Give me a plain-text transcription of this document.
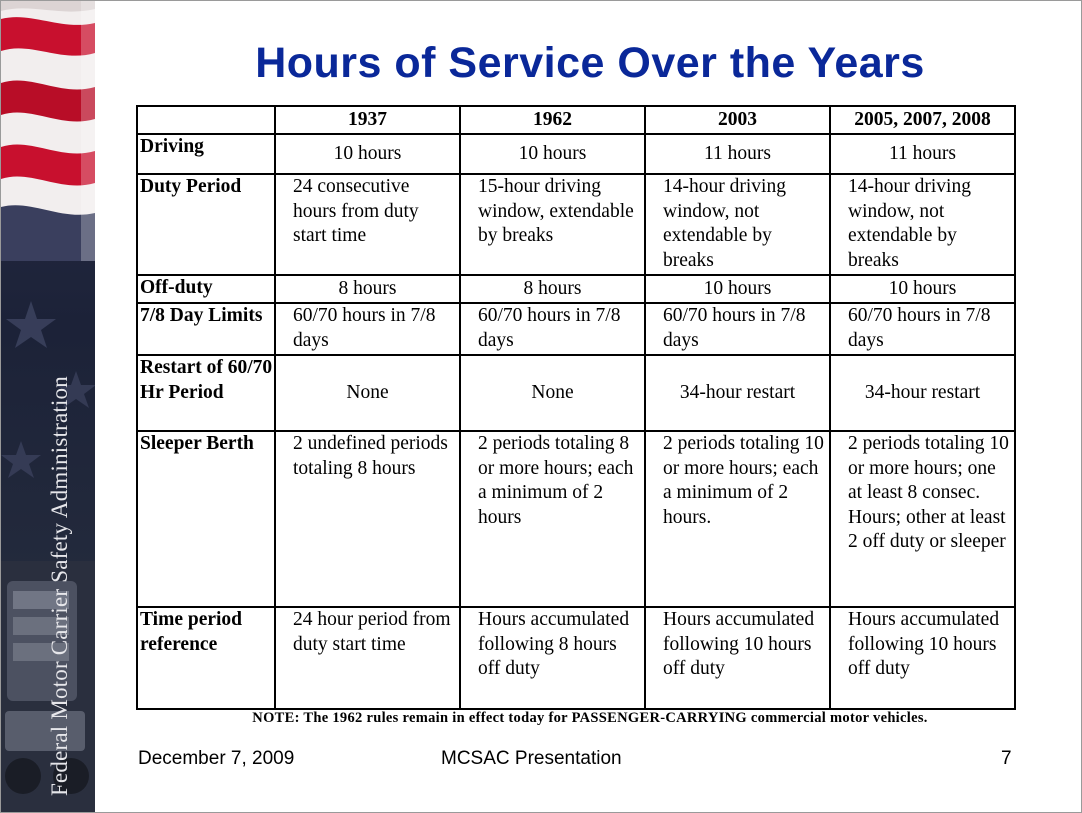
Federal Motor Carrier Safety Administration
Hours of Service Over the Years
	1937	1962	2003	2005, 2007, 2008
Driving	10 hours	10 hours	11 hours	11 hours
Duty Period	24 consecutive hours from duty start time	15-hour driving window, extendable by breaks	14-hour driving window, not extendable by breaks	14-hour driving window, not extendable by breaks
Off-duty	8 hours	8 hours	10 hours	10 hours
7/8 Day Limits	60/70 hours in 7/8 days	60/70 hours in 7/8 days	60/70 hours in 7/8 days	60/70 hours in 7/8 days
Restart of 60/70 Hr Period	None	None	34-hour restart	34-hour restart
Sleeper Berth	2 undefined periods totaling 8 hours	2 periods totaling 8 or more hours; each a minimum of 2 hours	2 periods totaling 10 or more hours; each a minimum of 2 hours.	2 periods totaling 10 or more hours; one at least 8 consec. Hours; other at least 2 off duty or sleeper
Time period reference	24 hour period from duty start time	Hours accumulated following 8 hours off duty	Hours accumulated following 10 hours off duty	Hours accumulated following 10 hours off duty
NOTE: The 1962 rules remain in effect today for PASSENGER-CARRYING commercial motor vehicles.
December 7, 2009	MCSAC Presentation	7
